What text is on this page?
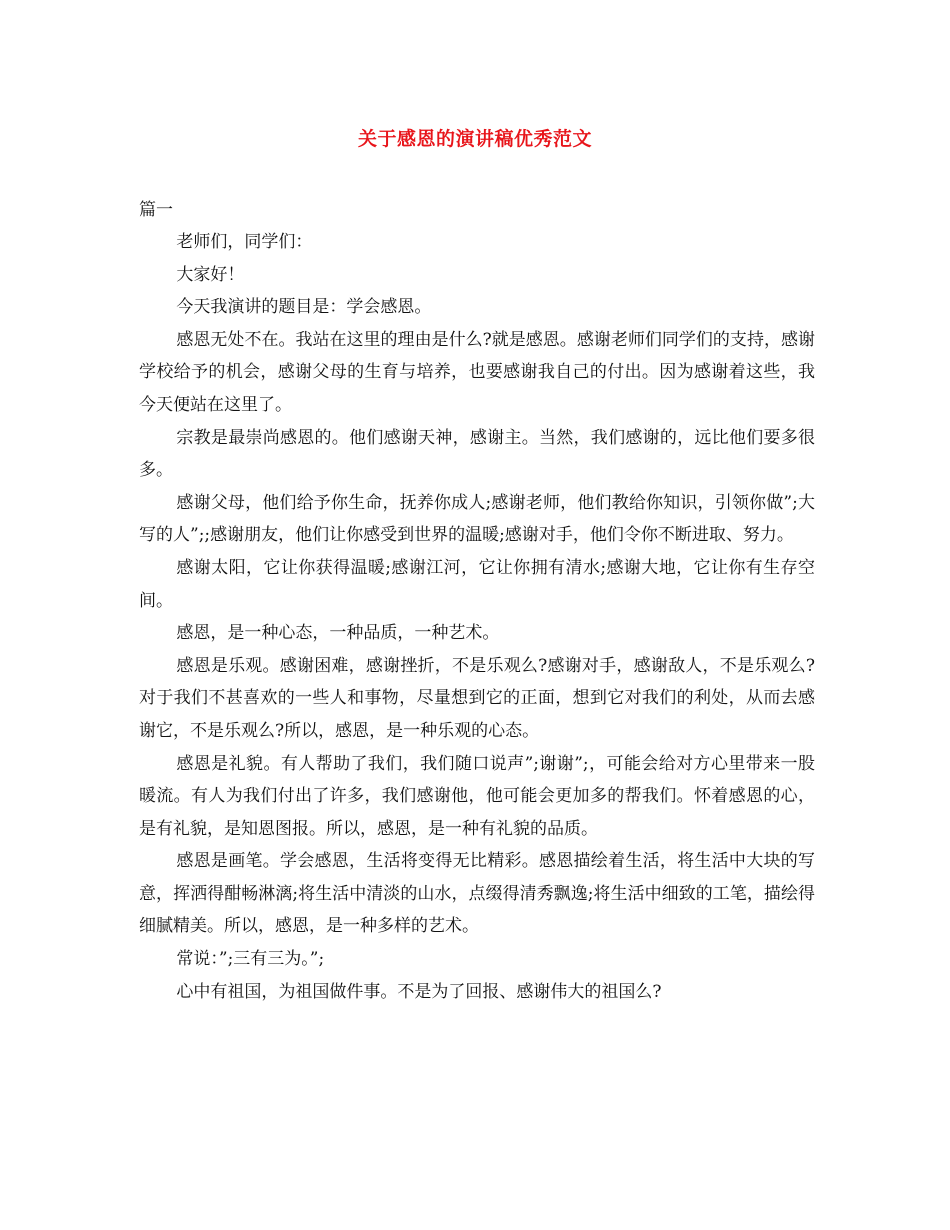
关于感恩的演讲稿优秀范文
篇一

老师们，同学们：

大家好！

今天我演讲的题目是：学会感恩。

感恩无处不在。我站在这里的理由是什么?就是感恩。感谢老师们同学们的支持，感谢学校给予的机会，感谢父母的生育与培养，也要感谢我自己的付出。因为感谢着这些，我今天便站在这里了。

宗教是最崇尚感恩的。他们感谢天神，感谢主。当然，我们感谢的，远比他们要多很多。

感谢父母，他们给予你生命，抚养你成人;感谢老师，他们教给你知识，引领你做”;大写的人”;;感谢朋友，他们让你感受到世界的温暖;感谢对手，他们令你不断进取、努力。

感谢太阳，它让你获得温暖;感谢江河，它让你拥有清水;感谢大地，它让你有生存空间。

感恩，是一种心态，一种品质，一种艺术。

感恩是乐观。感谢困难，感谢挫折，不是乐观么?感谢对手，感谢敌人，不是乐观么?对于我们不甚喜欢的一些人和事物，尽量想到它的正面，想到它对我们的利处，从而去感谢它，不是乐观么?所以，感恩，是一种乐观的心态。

感恩是礼貌。有人帮助了我们，我们随口说声”;谢谢”;，可能会给对方心里带来一股暖流。有人为我们付出了许多，我们感谢他，他可能会更加多的帮我们。怀着感恩的心，是有礼貌，是知恩图报。所以，感恩，是一种有礼貌的品质。

感恩是画笔。学会感恩，生活将变得无比精彩。感恩描绘着生活，将生活中大块的写意，挥洒得酣畅淋漓;将生活中清淡的山水，点缀得清秀飘逸;将生活中细致的工笔，描绘得细腻精美。所以，感恩，是一种多样的艺术。

常说：”;三有三为。”;

心中有祖国，为祖国做件事。不是为了回报、感谢伟大的祖国么?
